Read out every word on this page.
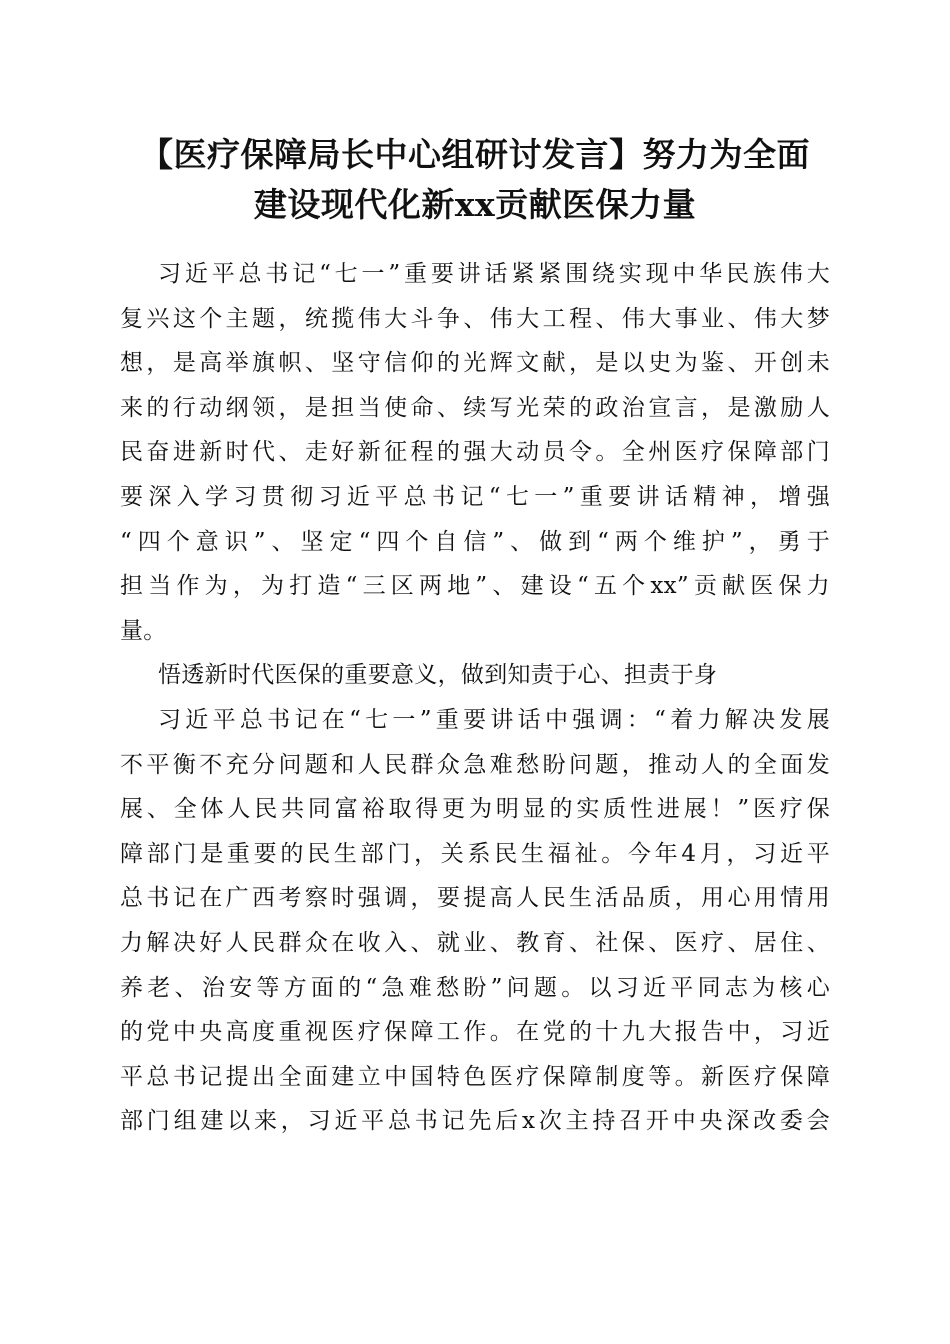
【医疗保障局长中心组研讨发言】努力为全面
建设现代化新xx贡献医保力量
习近平总书记“七一”重要讲话紧紧围绕实现中华民族伟大
复兴这个主题，统揽伟大斗争、伟大工程、伟大事业、伟大梦
想，是高举旗帜、坚守信仰的光辉文献，是以史为鉴、开创未
来的行动纲领，是担当使命、续写光荣的政治宣言，是激励人
民奋进新时代、走好新征程的强大动员令。全州医疗保障部门
要深入学习贯彻习近平总书记“七一”重要讲话精神，增强
“四个意识”、坚定“四个自信”、做到“两个维护”，勇于
担当作为，为打造“三区两地”、建设“五个xx”贡献医保力
量。
悟透新时代医保的重要意义，做到知责于心、担责于身
习近平总书记在“七一”重要讲话中强调：“着力解决发展
不平衡不充分问题和人民群众急难愁盼问题，推动人的全面发
展、全体人民共同富裕取得更为明显的实质性进展！”医疗保
障部门是重要的民生部门，关系民生福祉。今年4月，习近平
总书记在广西考察时强调，要提高人民生活品质，用心用情用
力解决好人民群众在收入、就业、教育、社保、医疗、居住、
养老、治安等方面的“急难愁盼”问题。以习近平同志为核心
的党中央高度重视医疗保障工作。在党的十九大报告中，习近
平总书记提出全面建立中国特色医疗保障制度等。新医疗保障
部门组建以来，习近平总书记先后x次主持召开中央深改委会
